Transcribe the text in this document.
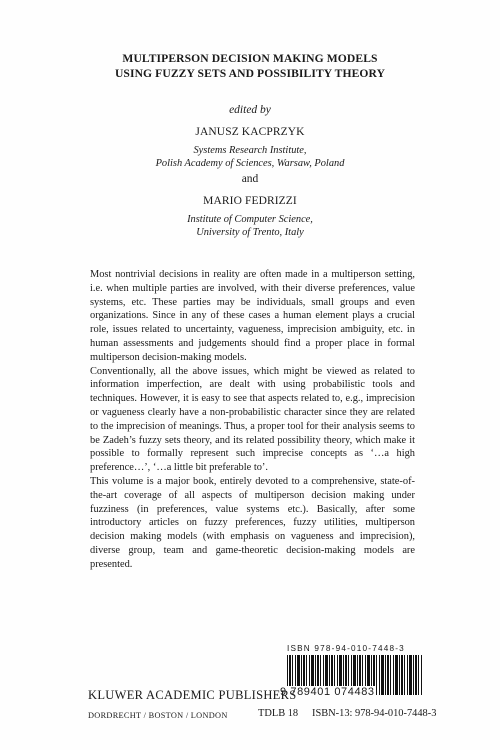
MULTIPERSON DECISION MAKING MODELS
USING FUZZY SETS AND POSSIBILITY THEORY
edited by
JANUSZ KACPRZYK
Systems Research Institute,
Polish Academy of Sciences, Warsaw, Poland
and
MARIO FEDRIZZI
Institute of Computer Science,
University of Trento, Italy

Most nontrivial decisions in reality are often made in a multiperson setting, i.e. when multiple parties are involved, with their diverse preferences, value systems, etc. These parties may be individuals, small groups and even organizations. Since in any of these cases a human element plays a crucial role, issues related to uncertainty, vagueness, imprecision ambiguity, etc. in human assessments and judgements should find a proper place in formal multiperson decision-making models.

Conventionally, all the above issues, which might be viewed as related to information imperfection, are dealt with using probabilistic tools and techniques. However, it is easy to see that aspects related to, e.g., imprecision or vagueness clearly have a non-probabilistic character since they are related to the imprecision of meanings. Thus, a proper tool for their analysis seems to be Zadeh’s fuzzy sets theory, and its related possibility theory, which make it possible to formally represent such imprecise concepts as ‘…a high preference…’, ‘…a little bit preferable to’.

This volume is a major book, entirely devoted to a comprehensive, state-of-the-art coverage of all aspects of multiperson decision making under fuzziness (in preferences, value systems etc.). Basically, after some introductory articles on fuzzy preferences, fuzzy utilities, multiperson decision making models (with emphasis on vagueness and imprecision), diverse group, team and game-theoretic decision-making models are presented.

ISBN 978-94-010-7448-3
9 789401 074483
KLUWER ACADEMIC PUBLISHERS
DORDRECHT / BOSTON / LONDON	TDLB 18 ISBN-13: 978-94-010-7448-3
